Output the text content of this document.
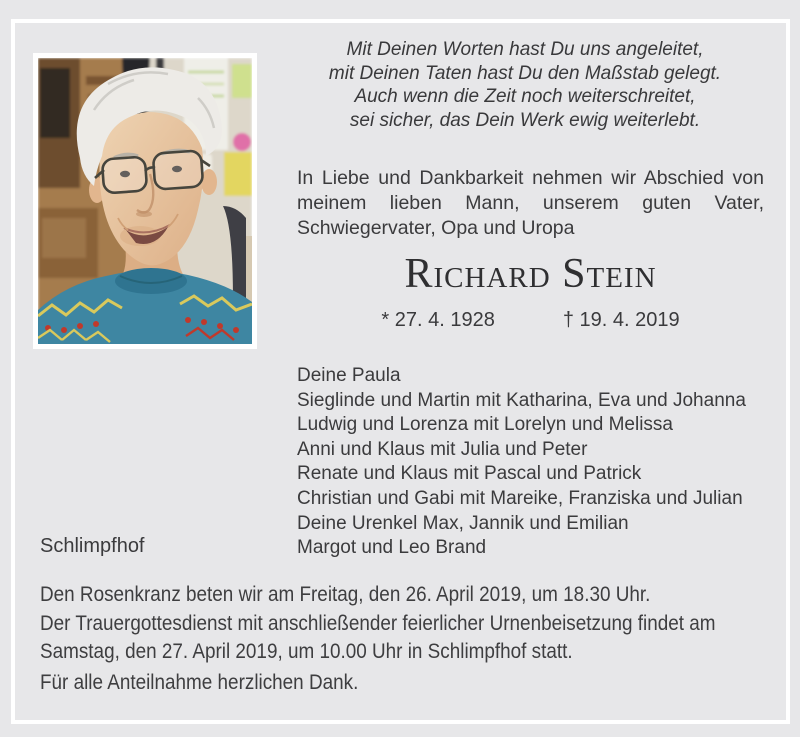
Mit Deinen Worten hast Du uns angeleitet,
mit Deinen Taten hast Du den Maßstab gelegt.
Auch wenn die Zeit noch weiterschreitet,
sei sicher, das Dein Werk ewig weiterlebt.
In Liebe und Dankbarkeit nehmen wir Abschied von meinem lieben Mann, unserem guten Vater, Schwiegervater, Opa und Uropa
Richard Stein
* 27. 4. 1928	† 19. 4. 2019
Deine Paula
Sieglinde und Martin mit Katharina, Eva und Johanna
Ludwig und Lorenza mit Lorelyn und Melissa
Anni und Klaus mit Julia und Peter
Renate und Klaus mit Pascal und Patrick
Christian und Gabi mit Mareike, Franziska und Julian
Deine Urenkel Max, Jannik und Emilian
Margot und Leo Brand
Schlimpfhof
Den Rosenkranz beten wir am Freitag, den 26. April 2019, um 18.30 Uhr.
Der Trauergottesdienst mit anschließender feierlicher Urnenbeisetzung findet am
Samstag, den 27. April 2019, um 10.00 Uhr in Schlimpfhof statt.
Für alle Anteilnahme herzlichen Dank.
